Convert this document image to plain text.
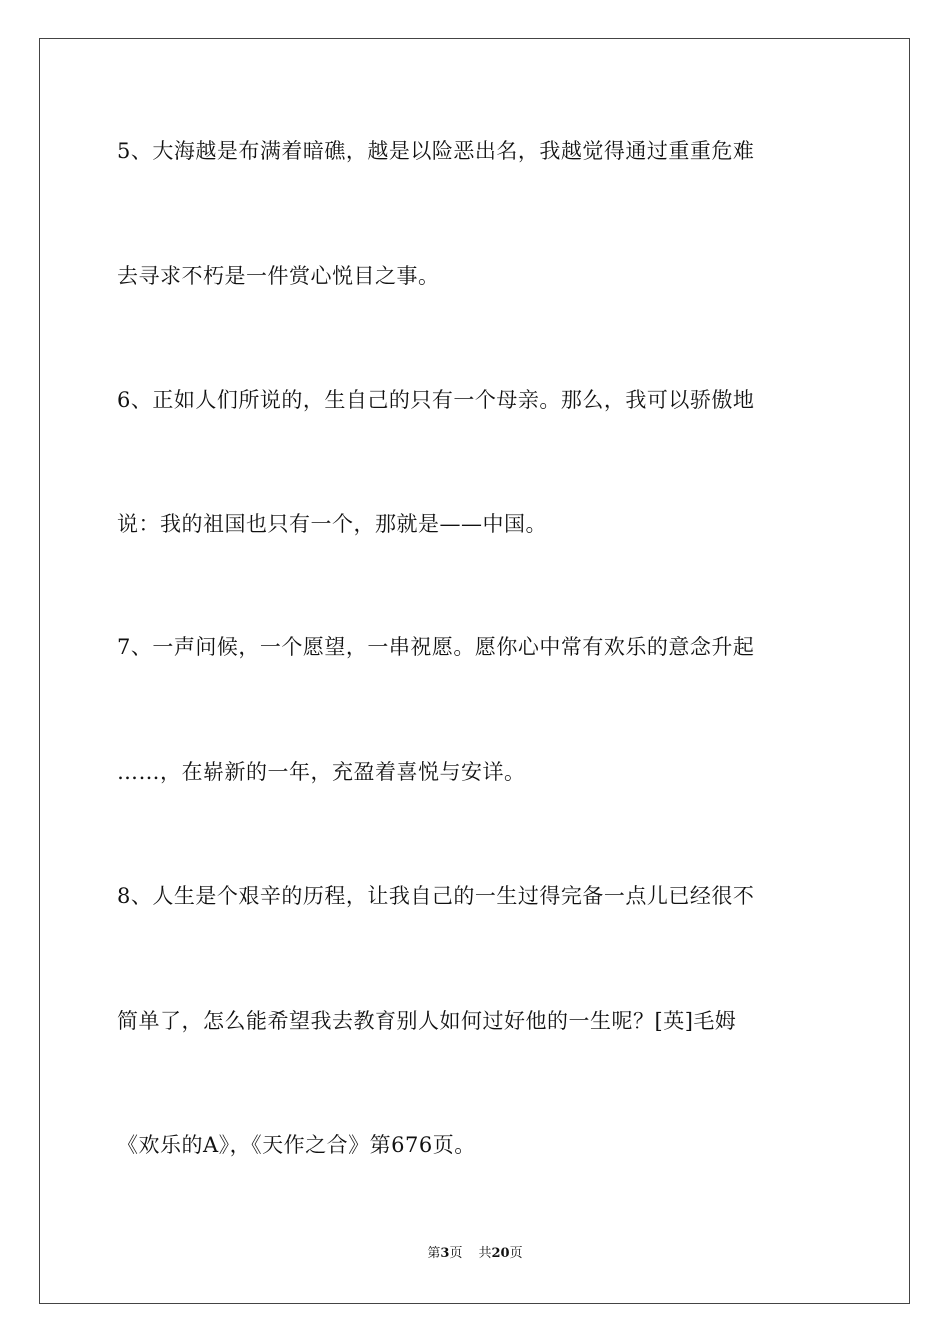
5、大海越是布满着暗礁，越是以险恶出名，我越觉得通过重重危难
去寻求不朽是一件赏心悦目之事。
6、正如人们所说的，生自己的只有一个母亲。那么，我可以骄傲地
说：我的祖国也只有一个，那就是——中国。
7、一声问候，一个愿望，一串祝愿。愿你心中常有欢乐的意念升起
……，在崭新的一年，充盈着喜悦与安详。
8、人生是个艰辛的历程，让我自己的一生过得完备一点儿已经很不
简单了，怎么能希望我去教育别人如何过好他的一生呢？[英]毛姆
《欢乐的A》，《天作之合》第676页。
第3页 共20页
